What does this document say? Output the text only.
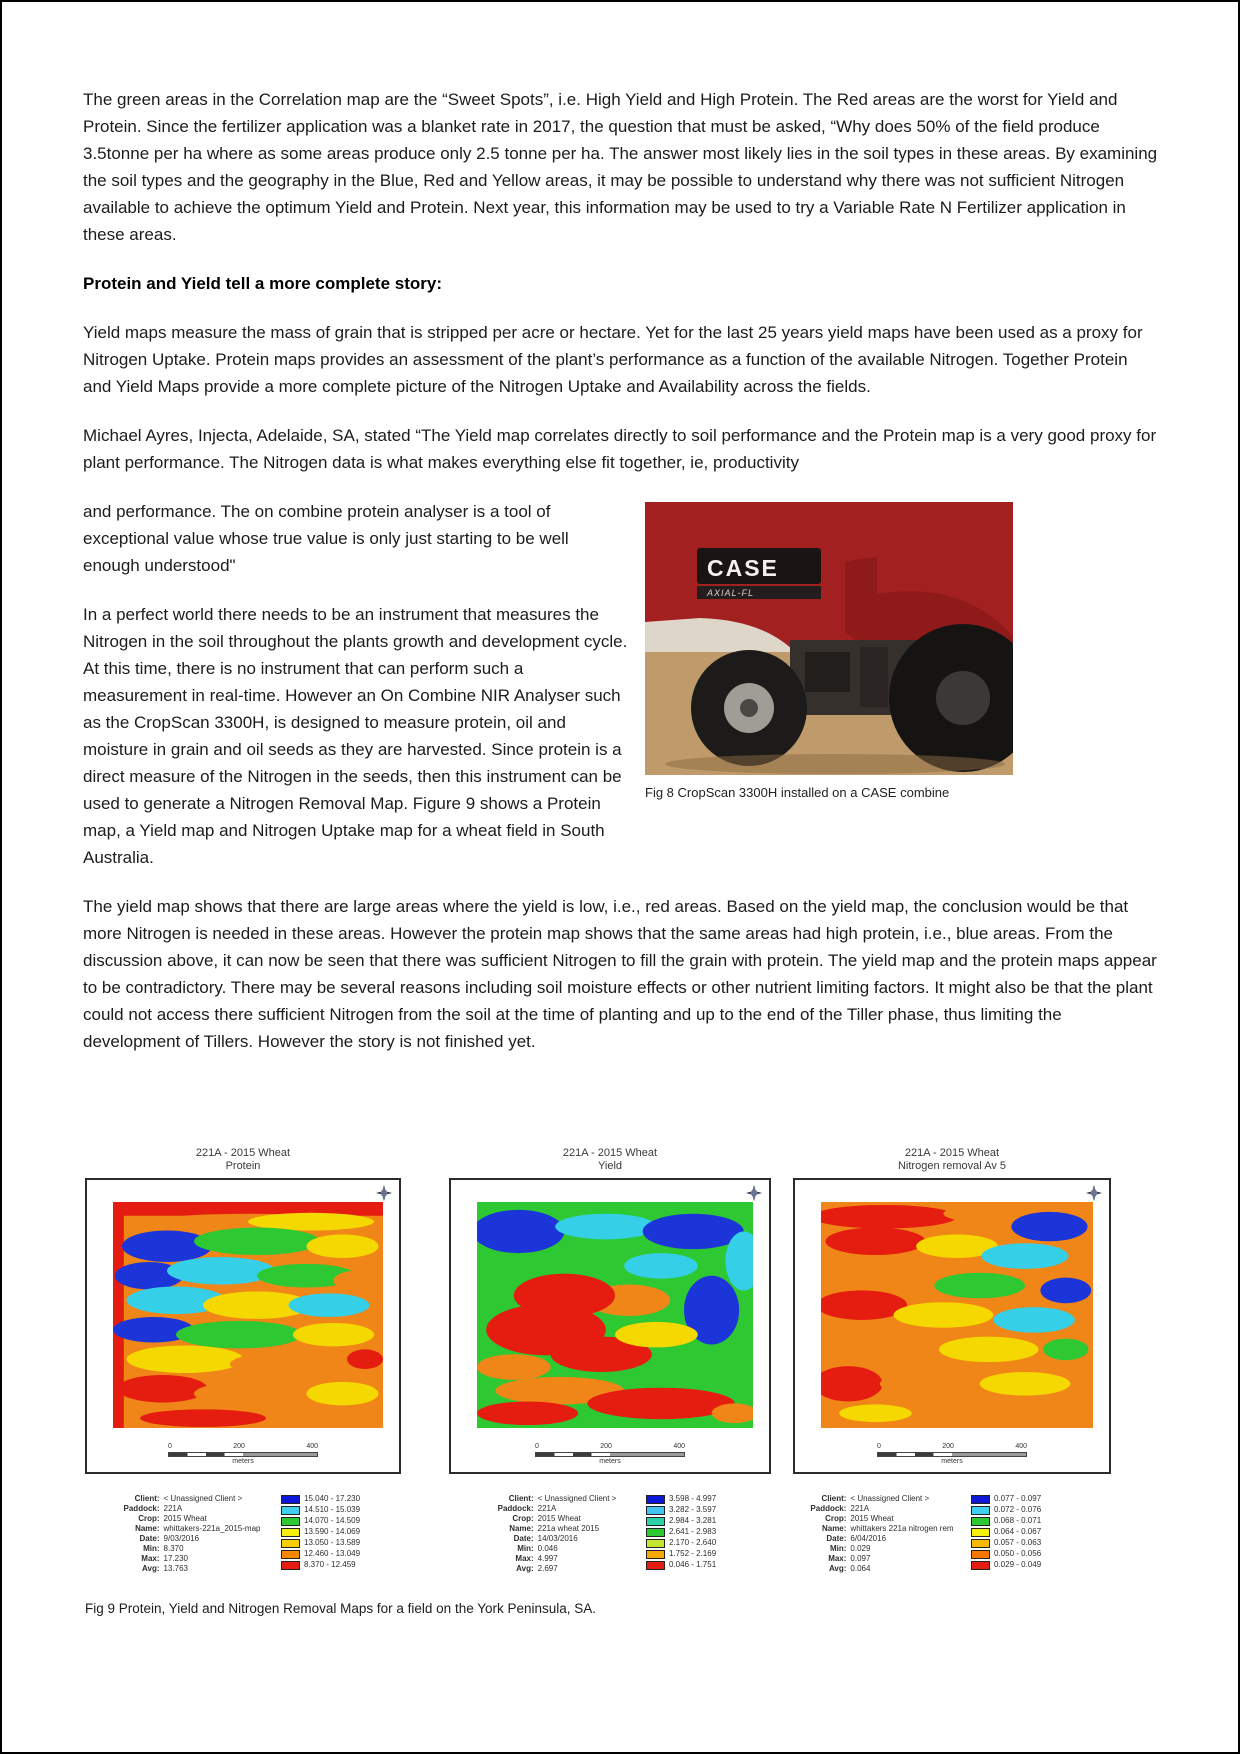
The green areas in the Correlation map are the “Sweet Spots”, i.e. High Yield and High Protein. The Red areas are the worst for Yield and Protein. Since the fertilizer application was a blanket rate in 2017, the question that must be asked, “Why does 50% of the field produce 3.5tonne per ha where as some areas produce only 2.5 tonne per ha. The answer most likely lies in the soil types in these areas. By examining the soil types and the geography in the Blue, Red and Yellow areas, it may be possible to understand why there was not sufficient Nitrogen available to achieve the optimum Yield and Protein. Next year, this information may be used to try a Variable Rate N Fertilizer application in these areas.

Protein and Yield tell a more complete story:

Yield maps measure the mass of grain that is stripped per acre or hectare. Yet for the last 25 years yield maps have been used as a proxy for Nitrogen Uptake. Protein maps provides an assessment of the plant’s performance as a function of the available Nitrogen. Together Protein and Yield Maps provide a more complete picture of the Nitrogen Uptake and Availability across the fields.

Michael Ayres, Injecta, Adelaide, SA, stated “The Yield map correlates directly to soil performance and the Protein map is a very good proxy for plant performance. The Nitrogen data is what makes everything else fit together, ie, productivity

CASE
AXIAL-FL
Fig 8 CropScan 3300H installed on a CASE combine

and performance. The on combine protein analyser is a tool of exceptional value whose true value is only just starting to be well enough understood"

In a perfect world there needs to be an instrument that measures the Nitrogen in the soil throughout the plants growth and development cycle. At this time, there is no instrument that can perform such a measurement in real-time. However an On Combine NIR Analyser such as the CropScan 3300H, is designed to measure protein, oil and moisture in grain and oil seeds as they are harvested. Since protein is a direct measure of the Nitrogen in the seeds, then this instrument can be used to generate a Nitrogen Removal Map. Figure 9 shows a Protein map, a Yield map and Nitrogen Uptake map for a wheat field in South Australia.

The yield map shows that there are large areas where the yield is low, i.e., red areas. Based on the yield map, the conclusion would be that more Nitrogen is needed in these areas. However the protein map shows that the same areas had high protein, i.e., blue areas. From the discussion above, it can now be seen that there was sufficient Nitrogen to fill the grain with protein. The yield map and the protein maps appear to be contradictory. There may be several reasons including soil moisture effects or other nutrient limiting factors. It might also be that the plant could not access there sufficient Nitrogen from the soil at the time of planting and up to the end of the Tiller phase, thus limiting the development of Tillers. However the story is not finished yet.

221A - 2015 Wheat
Protein
0	200	400
meters
221A - 2015 Wheat
Yield
0	200	400
meters
221A - 2015 Wheat
Nitrogen removal Av 5
0	200	400
meters
Client: < Unassigned Client >
Paddock: 221A
Crop: 2015 Wheat
Name: whittakers-221a_2015-map
Date: 9/03/2016
Min: 8.370
Max: 17.230
Avg: 13.763
15.040 - 17.230
14.510 - 15.039
14.070 - 14.509
13.590 - 14.069
13.050 - 13.589
12.460 - 13.049
8.370 - 12.459
Client: < Unassigned Client >
Paddock: 221A
Crop: 2015 Wheat
Name: 221a wheat 2015
Date: 14/03/2016
Min: 0.046
Max: 4.997
Avg: 2.697
3.598 - 4.997
3.282 - 3.597
2.984 - 3.281
2.641 - 2.983
2.170 - 2.640
1.752 - 2.169
0.046 - 1.751
Client: < Unassigned Client >
Paddock: 221A
Crop: 2015 Wheat
Name: whittakers 221a nitrogen rem
Date: 6/04/2016
Min: 0.029
Max: 0.097
Avg: 0.064
0.077 - 0.097
0.072 - 0.076
0.068 - 0.071
0.064 - 0.067
0.057 - 0.063
0.050 - 0.056
0.029 - 0.049

Fig 9 Protein, Yield and Nitrogen Removal Maps for a field on the York Peninsula, SA.
